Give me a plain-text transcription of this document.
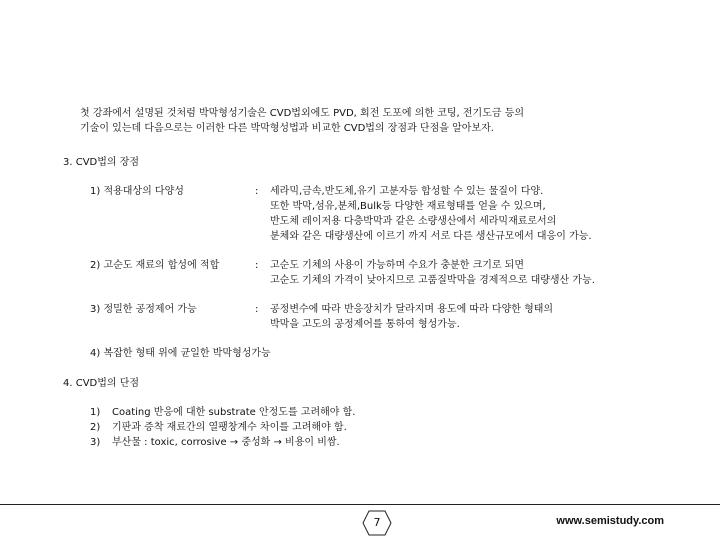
첫 강좌에서 설명된 것처럼 박막형성기술은 CVD법외에도 PVD, 회전 도포에 의한 코팅, 전기도금 등의
기술이 있는데 다음으로는 이러한 다른 박막형성법과 비교한 CVD법의 장점과 단점을 알아보자.
3. CVD법의 장점
1) 적용대상의 다양성	: 세라믹,금속,반도체,유기 고분자등 합성할 수 있는 물질이 다양.
또한 박막,섬유,분체,Bulk등 다양한 재료형태를 얻을 수 있으며,
반도체 레이저용 다층박막과 같은 소량생산에서 세라믹재료로서의
분체와 같은 대량생산에 이르기 까지 서로 다른 생산규모에서 대응이 가능.
2) 고순도 재료의 합성에 적합	: 고순도 기체의 사용이 가능하며 수요가 충분한 크기로 되면
고순도 기체의 가격이 낮아지므로 고품질박막을 경제적으로 대량생산 가능.
3) 정밀한 공정제어 가능	: 공정변수에 따라 반응장치가 달라지며 용도에 따라 다양한 형태의
박막을 고도의 공정제어를 통하여 형성가능.
4) 복잡한 형태 위에 균일한 박막형성가능
4. CVD법의 단점
1) Coating 반응에 대한 substrate 안정도를 고려해야 함.
2) 기판과 증착 재료간의 열팽창계수 차이를 고려해야 함.
3) 부산물 : toxic, corrosive → 중성화 → 비용이 비쌈.
7	www.semistudy.com
